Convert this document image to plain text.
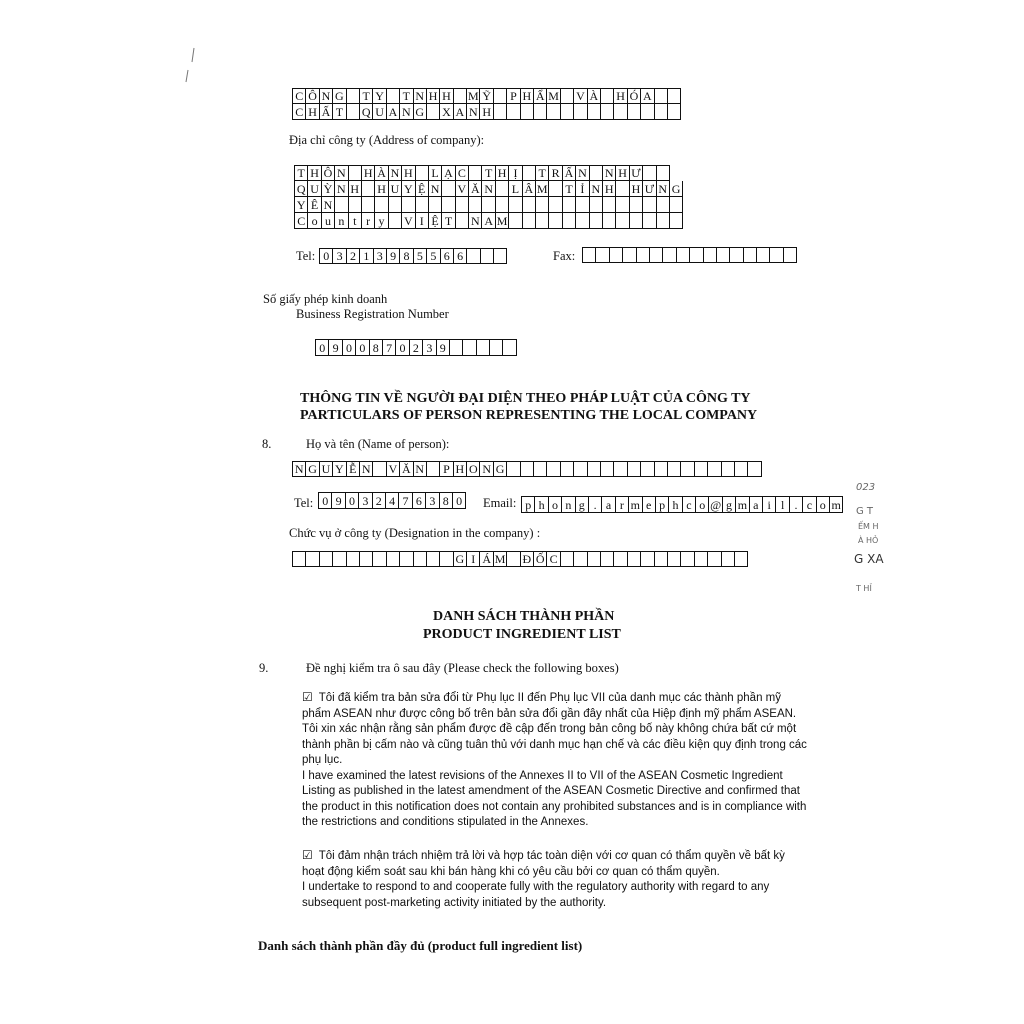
C Ô N G T Y T N H H M Ỹ P H Ẩ M V À H Ó A
C H Ấ T Q U A N G X A N H
Địa chỉ công ty (Address of company):
T H Ô N H À N H L Ạ C T H Ị	T R Ấ N N H Ư
Q U Ỳ N H H U Y Ệ N V Ă N L Â M T Ỉ N H H Ư N G
Y Ê N
C o u n t r y	V I Ệ T N A M
Tel: 0 3 2 1 3 9 8 5 5 6 6	Fax:
Số giấy phép kinh doanh
Business Registration Number
0 9 0 0 8 7 0 2 3 9
THÔNG TIN VỀ NGƯỜI ĐẠI DIỆN THEO PHÁP LUẬT CỦA CÔNG TY
PARTICULARS OF PERSON REPRESENTING THE LOCAL COMPANY
8.	Họ và tên (Name of person):
N G U Y Ễ N V Ă N P H O N G
Tel: 0 9 0 3 2 4 7 6 3 8 0	Email: p h o n g . a r m e p h c o @ g m a i l . c o m
Chức vụ ở công ty (Designation in the company) :
G I Á M Đ Ố C
DANH SÁCH THÀNH PHẦN
PRODUCT INGREDIENT LIST
9.	Đề nghị kiểm tra ô sau đây (Please check the following boxes)
☑ Tôi đã kiểm tra bản sửa đổi từ Phụ lục II đến Phụ lục VII của danh mục các thành phần mỹ phẩm ASEAN như được công bố trên bản sửa đổi gần đây nhất của Hiệp định mỹ phẩm ASEAN. Tôi xin xác nhận rằng sản phẩm được đề cập đến trong bản công bố này không chứa bất cứ một thành phần bị cấm nào và cũng tuân thủ với danh mục hạn chế và các điều kiện quy định trong các phụ lục.
I have examined the latest revisions of the Annexes II to VII of the ASEAN Cosmetic Ingredient Listing as published in the latest amendment of the ASEAN Cosmetic Directive and confirmed that the product in this notification does not contain any prohibited substances and is in compliance with the restrictions and conditions stipulated in the Annexes.
☑ Tôi đảm nhận trách nhiệm trả lời và hợp tác toàn diện với cơ quan có thẩm quyền về bất kỳ hoạt động kiểm soát sau khi bán hàng khi có yêu cầu bởi cơ quan có thẩm quyền.
I undertake to respond to and cooperate fully with the regulatory authority with regard to any subsequent post-marketing activity initiated by the authority.
Danh sách thành phần đầy đủ (product full ingredient list)
023
G T
ẾM H
À HỎ
G XA
T HỈ
